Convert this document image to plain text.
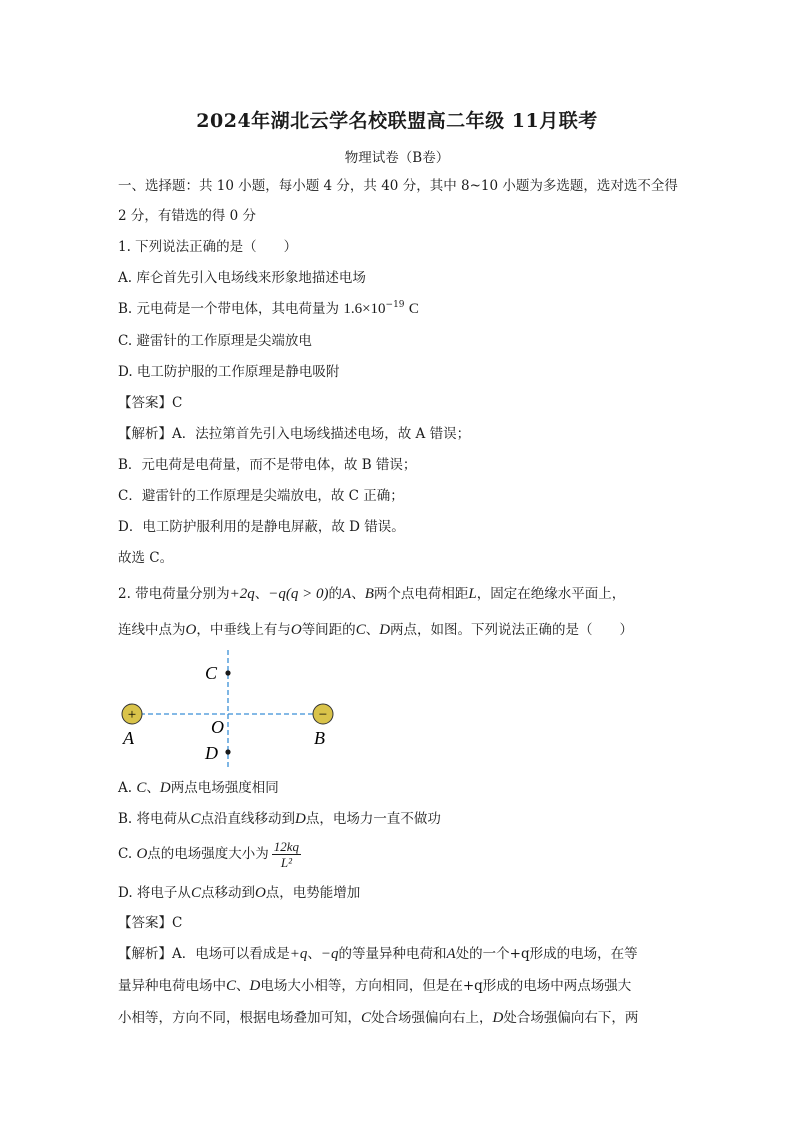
2024年湖北云学名校联盟高二年级 11月联考
物理试卷（B卷）
一、选择题：共 10 小题，每小题 4 分，共 40 分，其中 8~10 小题为多选题，选对选不全得
2 分，有错选的得 0 分
1. 下列说法正确的是（　　）
A. 库仑首先引入电场线来形象地描述电场
B. 元电荷是一个带电体，其电荷量为 $1.6\times 10^{-19}$ C
C. 避雷针的工作原理是尖端放电
D. 电工防护服的工作原理是静电吸附
【答案】C
【解析】A．法拉第首先引入电场线描述电场，故 A 错误；
B．元电荷是电荷量，而不是带电体，故 B 错误；
C．避雷针的工作原理是尖端放电，故 C 正确；
D．电工防护服利用的是静电屏蔽，故 D 错误。
故选 C。
2. 带电荷量分别为+2q、−q(q > 0)的A、B两个点电荷相距L，固定在绝缘水平面上，
连线中点为O，中垂线上有与O等间距的C、D两点，如图。下列说法正确的是（　　）
+	−
C
D
O
A	B
A. C、D两点电场强度相同
B. 将电荷从C点沿直线移动到D点，电场力一直不做功
C. O点的电场强度大小为 $\frac{12kq}{\text{L²}}$
D. 将电子从C点移动到O点，电势能增加
【答案】C
【解析】A．电场可以看成是+q、−q的等量异种电荷和A处的一个+q形成的电场，在等
量异种电荷电场中C、D电场大小相等，方向相同，但是在+q形成的电场中两点场强大
小相等，方向不同，根据电场叠加可知，C处合场强偏向右上，D处合场强偏向右下，两
